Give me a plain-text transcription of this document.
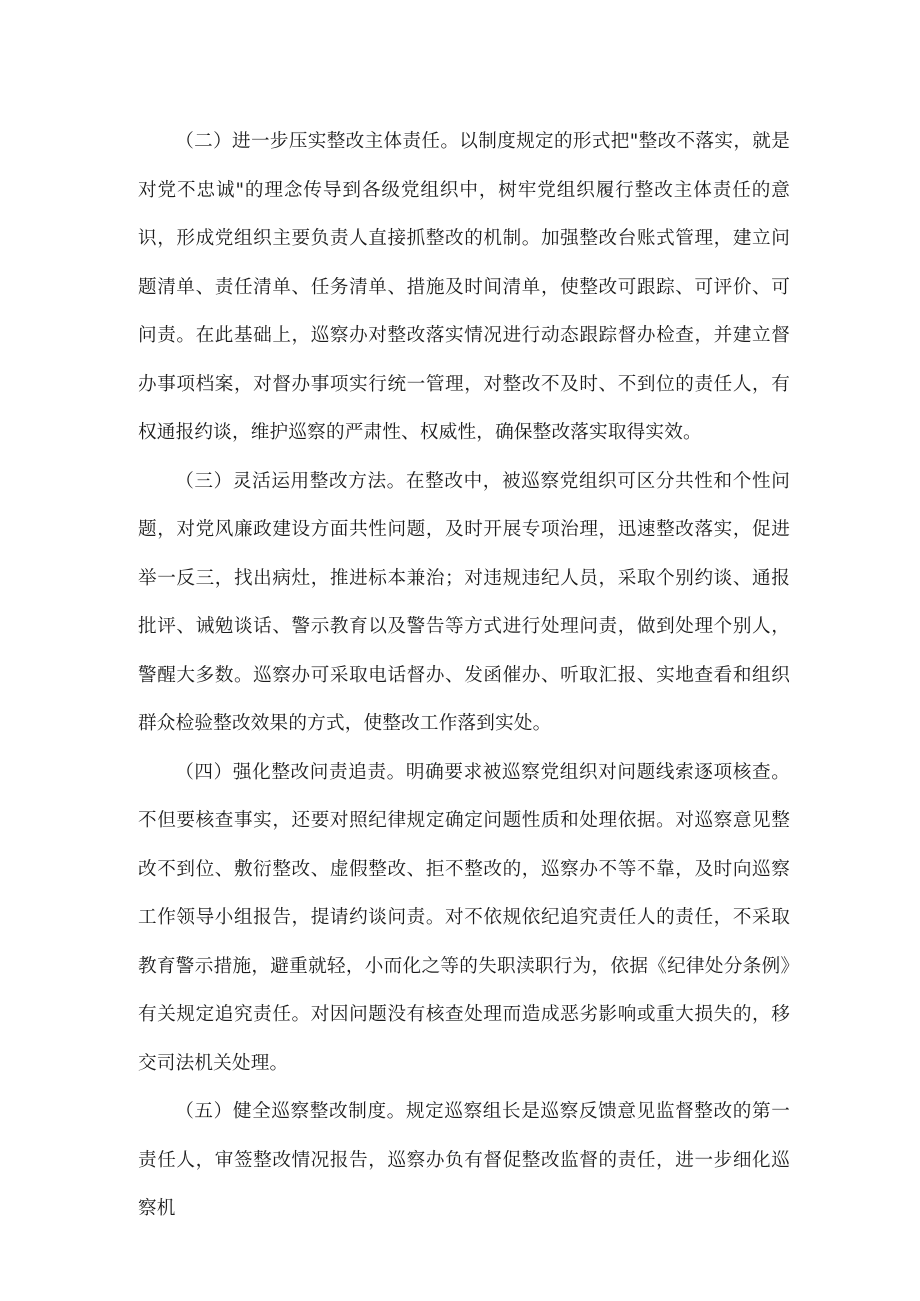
（二）进一步压实整改主体责任。以制度规定的形式把"整改不落实，就是对党不忠诚"的理念传导到各级党组织中，树牢党组织履行整改主体责任的意识，形成党组织主要负责人直接抓整改的机制。加强整改台账式管理，建立问题清单、责任清单、任务清单、措施及时间清单，使整改可跟踪、可评价、可问责。在此基础上，巡察办对整改落实情况进行动态跟踪督办检查，并建立督办事项档案，对督办事项实行统一管理，对整改不及时、不到位的责任人，有权通报约谈，维护巡察的严肃性、权威性，确保整改落实取得实效。

（三）灵活运用整改方法。在整改中，被巡察党组织可区分共性和个性问题，对党风廉政建设方面共性问题，及时开展专项治理，迅速整改落实，促进举一反三，找出病灶，推进标本兼治；对违规违纪人员，采取个别约谈、通报批评、诫勉谈话、警示教育以及警告等方式进行处理问责，做到处理个别人，警醒大多数。巡察办可采取电话督办、发函催办、听取汇报、实地查看和组织群众检验整改效果的方式，使整改工作落到实处。

（四）强化整改问责追责。明确要求被巡察党组织对问题线索逐项核查。不但要核查事实，还要对照纪律规定确定问题性质和处理依据。对巡察意见整改不到位、敷衍整改、虚假整改、拒不整改的，巡察办不等不靠，及时向巡察工作领导小组报告，提请约谈问责。对不依规依纪追究责任人的责任，不采取教育警示措施，避重就轻，小而化之等的失职渎职行为，依据《纪律处分条例》有关规定追究责任。对因问题没有核查处理而造成恶劣影响或重大损失的，移交司法机关处理。

（五）健全巡察整改制度。规定巡察组长是巡察反馈意见监督整改的第一责任人，审签整改情况报告，巡察办负有督促整改监督的责任，进一步细化巡察机
